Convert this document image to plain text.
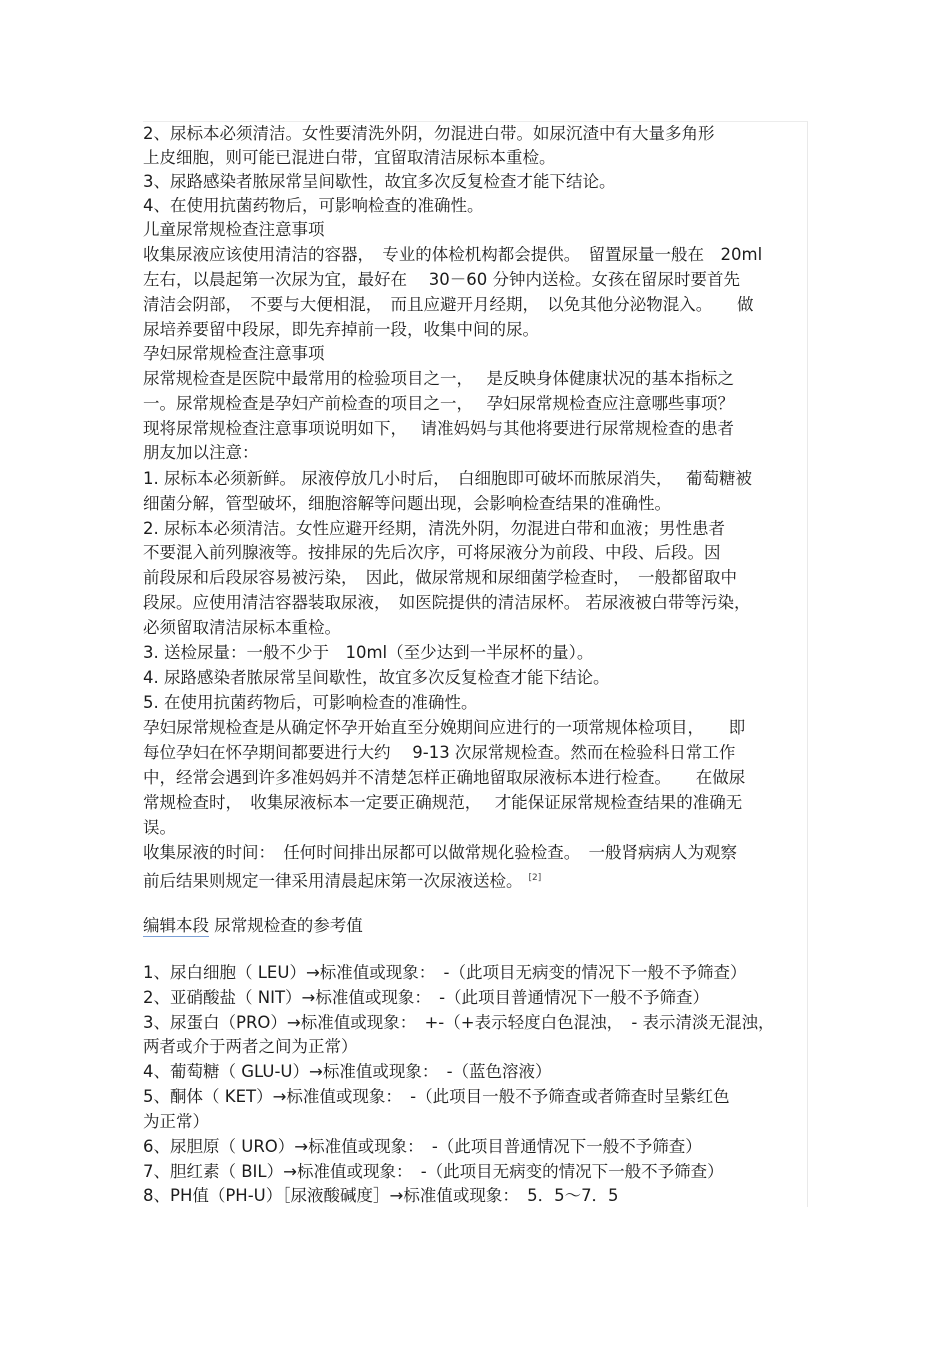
2、尿标本必须清洁。女性要清洗外阴，勿混进白带。如尿沉渣中有大量多角形
上皮细胞，则可能已混进白带，宜留取清洁尿标本重检。
3、尿路感染者脓尿常呈间歇性，故宜多次反复检查才能下结论。
4、在使用抗菌药物后，可影响检查的准确性。
儿童尿常规检查注意事项
收集尿液应该使用清洁的容器，　专业的体检机构都会提供。　留置尿量一般在　20ml
左右，以晨起第一次尿为宜，最好在　 30－60 分钟内送检。女孩在留尿时要首先
清洁会阴部，　不要与大便相混，　而且应避开月经期，　以免其他分泌物混入。　　做
尿培养要留中段尿，即先弃掉前一段，收集中间的尿。
孕妇尿常规检查注意事项
尿常规检查是医院中最常用的检验项目之一，　 是反映身体健康状况的基本指标之
一。尿常规检查是孕妇产前检查的项目之一，　 孕妇尿常规检查应注意哪些事项？
现将尿常规检查注意事项说明如下，　 请准妈妈与其他将要进行尿常规检查的患者
朋友加以注意：
1. 尿标本必须新鲜。 尿液停放几小时后，　白细胞即可破坏而脓尿消失，　 葡萄糖被
细菌分解，管型破坏，细胞溶解等问题出现，会影响检查结果的准确性。
2. 尿标本必须清洁。女性应避开经期，清洗外阴，勿混进白带和血液；男性患者
不要混入前列腺液等。按排尿的先后次序，可将尿液分为前段、中段、后段。因
前段尿和后段尿容易被污染，　因此，做尿常规和尿细菌学检查时，　一般都留取中
段尿。应使用清洁容器装取尿液，　如医院提供的清洁尿杯。 若尿液被白带等污染，
必须留取清洁尿标本重检。
3. 送检尿量：一般不少于　10ml（至少达到一半尿杯的量）。
4. 尿路感染者脓尿常呈间歇性，故宜多次反复检查才能下结论。
5. 在使用抗菌药物后，可影响检查的准确性。
孕妇尿常规检查是从确定怀孕开始直至分娩期间应进行的一项常规体检项目，　　即
每位孕妇在怀孕期间都要进行大约　 9-13 次尿常规检查。然而在检验科日常工作
中，经常会遇到许多准妈妈并不清楚怎样正确地留取尿液标本进行检查。　　在做尿
常规检查时，　收集尿液标本一定要正确规范，　 才能保证尿常规检查结果的准确无
误。
收集尿液的时间：　任何时间排出尿都可以做常规化验检查。　一般肾病病人为观察
前后结果则规定一律采用清晨起床第一次尿液送检。 [2]
编辑本段 尿常规检查的参考值
1、尿白细胞（ LEU）→标准值或现象：　-（此项目无病变的情况下一般不予筛查）
2、亚硝酸盐（ NIT）→标准值或现象：　-（此项目普通情况下一般不予筛查）
3、尿蛋白（PRO）→标准值或现象：　+-（+表示轻度白色混浊，　- 表示清淡无混浊，
两者或介于两者之间为正常）
4、葡萄糖（ GLU-U）→标准值或现象：　-（蓝色溶液）
5、酮体（ KET）→标准值或现象：　-（此项目一般不予筛查或者筛查时呈紫红色
为正常）
6、尿胆原（ URO）→标准值或现象：　-（此项目普通情况下一般不予筛查）
7、胆红素（ BIL）→标准值或现象：　-（此项目无病变的情况下一般不予筛查）
8、PH值（PH-U）［尿液酸碱度］→标准值或现象：　5．5～7．5
